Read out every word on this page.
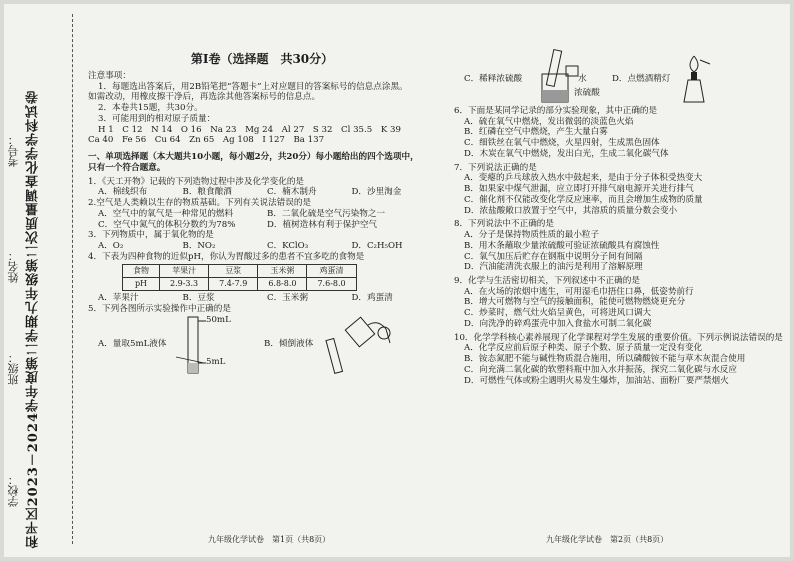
和平区2023－2024学年度第二学期九年级第二次质量调查化学学科试卷
学校：
班级：
姓名：
考号：
第Ⅰ卷（选择题　共30分）

注意事项：

1．每题选出答案后，用2B铅笔把“答题卡”上对应题目的答案标号的信息点涂黑。

如需改动，用橡皮擦干净后，再选涂其他答案标号的信息点。

2．本卷共15题，共30分。

3．可能用到的相对原子质量：

H 1　C 12　N 14　O 16　Na 23　Mg 24　Al 27　S 32　Cl 35.5　K 39

Ca 40　Fe 56　Cu 64　Zn 65　Ag 108　I 127　Ba 137

一、单项选择题（本大题共10小题，每小题2分，共20分）每小题给出的四个选项中，

只有一个符合题意。

1．《天工开物》记载的下列造物过程中涉及化学变化的是

A．棉线织布	B．粮食酿酒	C．楠木制舟	D．沙里淘金

2.空气是人类赖以生存的物质基础。下列有关说法错误的是

A．空气中的氧气是一种常见的燃料	B．二氧化硫是空气污染物之一
C．空气中氮气的体积分数约为78%	D．植树造林有利于保护空气

3．下列物质中，属于氧化物的是

A．O₂	B．NO₂	C．KClO₃	D．C₂H₅OH

4．下表为四种食物的近似pH，你认为胃酸过多的患者不宜多吃的食物是

食物	苹果汁	豆浆	玉米粥	鸡蛋清
pH	2.9-3.3	7.4-7.9	6.8-8.0	7.6-8.0
A．苹果汁	B．豆浆	C．玉米粥	D．鸡蛋清

5．下列各图所示实验操作中正确的是

A．量取5mL液体
50mL
5mL
B．倾倒液体
九年级化学试卷　第1页（共8页）
C．稀释浓硫酸	水
浓硫酸
D．点燃酒精灯

6．下面是某同学记录的部分实验现象，其中正确的是

A．硫在氧气中燃烧，发出微弱的淡蓝色火焰

B．红磷在空气中燃烧，产生大量白雾

C．细铁丝在氧气中燃烧，火星四射，生成黑色固体

D．木炭在氧气中燃烧，发出白光，生成二氧化碳气体

7．下列说法正确的是

A．变瘪的乒乓球放入热水中鼓起来，是由于分子体积受热变大

B．如果家中煤气泄漏，应立即打开排气扇电源开关进行排气

C．催化剂不仅能改变化学反应速率，而且会增加生成物的质量

D．浓盐酸敞口放置于空气中，其溶质的质量分数会变小

8．下列说法中不正确的是

A．分子是保持物质性质的最小粒子

B．用木条蘸取少量浓硫酸可验证浓硫酸具有腐蚀性

C．氧气加压后贮存在钢瓶中说明分子间有间隔

D．汽油能清洗衣服上的油污是利用了溶解原理

9．化学与生活密切相关，下列叙述中不正确的是

A．在火场的浓烟中逃生，可用湿毛巾捂住口鼻，低姿势前行

B．增大可燃物与空气的接触面积，能使可燃物燃烧更充分

C．炒菜时，燃气灶火焰呈黄色，可将进风口调大

D．向洗净的碎鸡蛋壳中加入食盐水可制二氧化碳

10．化学学科核心素养展现了化学课程对学生发展的重要价值。下列示例说法错误的是

A．化学反应前后原子种类、原子个数、原子质量一定没有变化

B．铵态氮肥不能与碱性物质混合施用，所以磷酸铵不能与草木灰混合使用

C．向充满二氧化碳的软塑料瓶中加入水并振荡，探究二氧化碳与水反应

D．可燃性气体或粉尘遇明火易发生爆炸，加油站、面粉厂要严禁烟火

九年级化学试卷　第2页（共8页）
